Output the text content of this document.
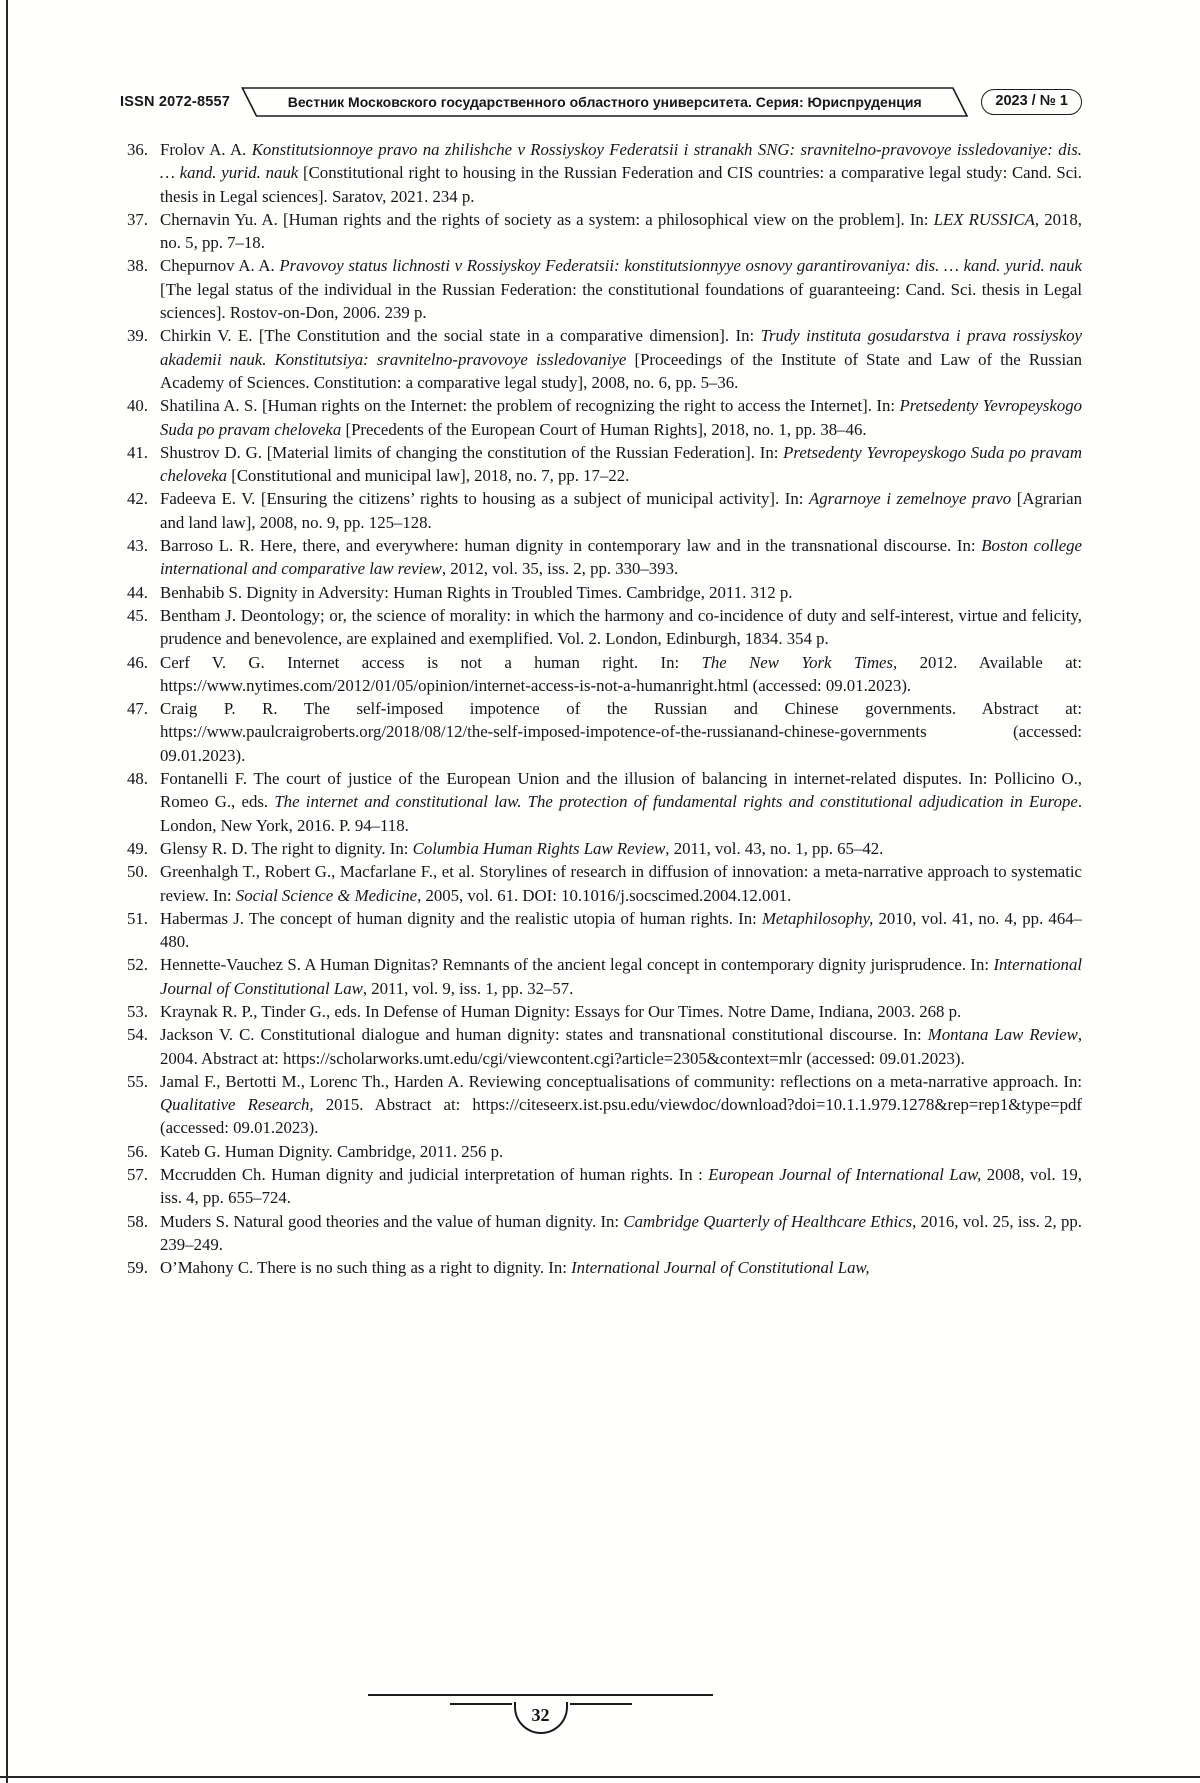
ISSN 2072-8557	Вестник Московского государственного областного университета. Серия: Юриспруденция	2023 / № 1
36. Frolov A. A. Konstitutsionnoye pravo na zhilishche v Rossiyskoy Federatsii i stranakh SNG: sravnitelno-pravovoye issledovaniye: dis. … kand. yurid. nauk [Constitutional right to housing in the Russian Federation and CIS countries: a comparative legal study: Cand. Sci. thesis in Legal sciences]. Saratov, 2021. 234 p.
37. Chernavin Yu. A. [Human rights and the rights of society as a system: a philosophical view on the problem]. In: LEX RUSSICA, 2018, no. 5, pp. 7–18.
38. Chepurnov A. A. Pravovoy status lichnosti v Rossiyskoy Federatsii: konstitutsionnyye osnovy garantirovaniya: dis. … kand. yurid. nauk [The legal status of the individual in the Russian Federation: the constitutional foundations of guaranteeing: Cand. Sci. thesis in Legal sciences]. Rostov-on-Don, 2006. 239 p.
39. Chirkin V. E. [The Constitution and the social state in a comparative dimension]. In: Trudy instituta gosudarstva i prava rossiyskoy akademii nauk. Konstitutsiya: sravnitelno-pravovoye issledovaniye [Proceedings of the Institute of State and Law of the Russian Academy of Sciences. Constitution: a comparative legal study], 2008, no. 6, pp. 5–36.
40. Shatilina A. S. [Human rights on the Internet: the problem of recognizing the right to access the Internet]. In: Pretsedenty Yevropeyskogo Suda po pravam cheloveka [Precedents of the European Court of Human Rights], 2018, no. 1, pp. 38–46.
41. Shustrov D. G. [Material limits of changing the constitution of the Russian Federation]. In: Pretsedenty Yevropeyskogo Suda po pravam cheloveka [Constitutional and municipal law], 2018, no. 7, pp. 17–22.
42. Fadeeva E. V. [Ensuring the citizens’ rights to housing as a subject of municipal activity]. In: Agrarnoye i zemelnoye pravo [Agrarian and land law], 2008, no. 9, pp. 125–128.
43. Barroso L. R. Here, there, and everywhere: human dignity in contemporary law and in the transnational discourse. In: Boston college international and comparative law review, 2012, vol. 35, iss. 2, pp. 330–393.
44. Benhabib S. Dignity in Adversity: Human Rights in Troubled Times. Cambridge, 2011. 312 p.
45. Bentham J. Deontology; or, the science of morality: in which the harmony and co-incidence of duty and self-interest, virtue and felicity, prudence and benevolence, are explained and exemplified. Vol. 2. London, Edinburgh, 1834. 354 p.
46. Cerf V. G. Internet access is not a human right. In: The New York Times, 2012. Available at: https://www.nytimes.com/2012/01/05/opinion/internet-access-is-not-a-humanright.html (accessed: 09.01.2023).
47. Craig P. R. The self-imposed impotence of the Russian and Chinese governments. Abstract at: https://www.paulcraigroberts.org/2018/08/12/the-self-imposed-impotence-of-the-russianand-chinese-governments (accessed: 09.01.2023).
48. Fontanelli F. The court of justice of the European Union and the illusion of balancing in internet-related disputes. In: Pollicino O., Romeo G., eds. The internet and constitutional law. The protection of fundamental rights and constitutional adjudication in Europe. London, New York, 2016. P. 94–118.
49. Glensy R. D. The right to dignity. In: Columbia Human Rights Law Review, 2011, vol. 43, no. 1, pp. 65–42.
50. Greenhalgh T., Robert G., Macfarlane F., et al. Storylines of research in diffusion of innovation: a meta-narrative approach to systematic review. In: Social Science & Medicine, 2005, vol. 61. DOI: 10.1016/j.socscimed.2004.12.001.
51. Habermas J. The concept of human dignity and the realistic utopia of human rights. In: Metaphilosophy, 2010, vol. 41, no. 4, pp. 464–480.
52. Hennette-Vauchez S. A Human Dignitas? Remnants of the ancient legal concept in contemporary dignity jurisprudence. In: International Journal of Constitutional Law, 2011, vol. 9, iss. 1, pp. 32–57.
53. Kraynak R. P., Tinder G., eds. In Defense of Human Dignity: Essays for Our Times. Notre Dame, Indiana, 2003. 268 p.
54. Jackson V. C. Constitutional dialogue and human dignity: states and transnational constitutional discourse. In: Montana Law Review, 2004. Abstract at: https://scholarworks.umt.edu/cgi/viewcontent.cgi?article=2305&context=mlr (accessed: 09.01.2023).
55. Jamal F., Bertotti M., Lorenc Th., Harden A. Reviewing conceptualisations of community: reflections on a meta-narrative approach. In: Qualitative Research, 2015. Abstract at: https://citeseerx.ist.psu.edu/viewdoc/download?doi=10.1.1.979.1278&rep=rep1&type=pdf (accessed: 09.01.2023).
56. Kateb G. Human Dignity. Cambridge, 2011. 256 p.
57. Mccrudden Ch. Human dignity and judicial interpretation of human rights. In : European Journal of International Law, 2008, vol. 19, iss. 4, pp. 655–724.
58. Muders S. Natural good theories and the value of human dignity. In: Cambridge Quarterly of Healthcare Ethics, 2016, vol. 25, iss. 2, pp. 239–249.
59. O’Mahony C. There is no such thing as a right to dignity. In: International Journal of Constitutional Law,
32
